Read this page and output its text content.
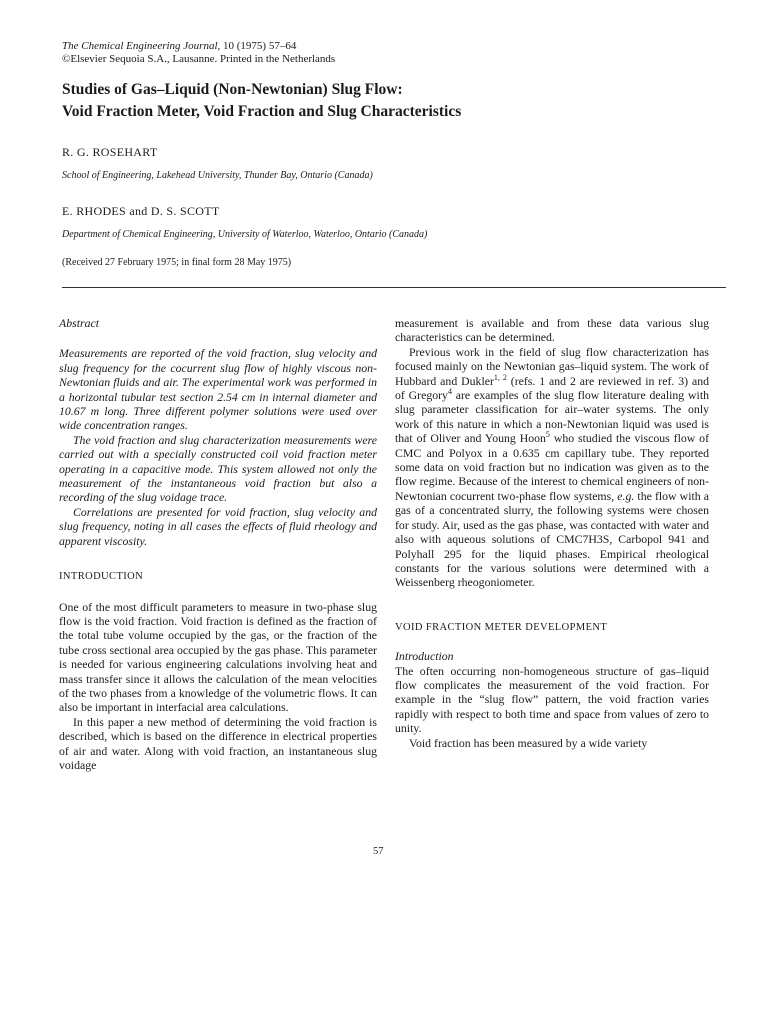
The Chemical Engineering Journal, 10 (1975) 57–64
©Elsevier Sequoia S.A., Lausanne. Printed in the Netherlands
Studies of Gas–Liquid (Non-Newtonian) Slug Flow:
Void Fraction Meter, Void Fraction and Slug Characteristics
R. G. ROSEHART
School of Engineering, Lakehead University, Thunder Bay, Ontario (Canada)
E. RHODES and D. S. SCOTT
Department of Chemical Engineering, University of Waterloo, Waterloo, Ontario (Canada)
(Received 27 February 1975; in final form 28 May 1975)

Abstract

Measurements are reported of the void fraction, slug velocity and slug frequency for the cocurrent slug flow of highly viscous non-Newtonian fluids and air. The experimental work was performed in a horizontal tubular test section 2.54 cm in internal diameter and 10.67 m long. Three different polymer solutions were used over wide concentration ranges.

The void fraction and slug characterization measurements were carried out with a specially constructed coil void fraction meter operating in a capacitive mode. This system allowed not only the measurement of the instantaneous void fraction but also a recording of the slug voidage trace.

Correlations are presented for void fraction, slug velocity and slug frequency, noting in all cases the effects of fluid rheology and apparent viscosity.

INTRODUCTION

One of the most difficult parameters to measure in two-phase slug flow is the void fraction. Void fraction is defined as the fraction of the total tube volume occupied by the gas, or the fraction of the tube cross sectional area occupied by the gas phase. This parameter is needed for various engineering calculations involving heat and mass transfer since it allows the calculation of the mean velocities of the two phases from a knowledge of the volumetric flows. It can also be important in interfacial area calculations.

In this paper a new method of determining the void fraction is described, which is based on the difference in electrical properties of air and water. Along with void fraction, an instantaneous slug voidage

measurement is available and from these data various slug characteristics can be determined.

Previous work in the field of slug flow characterization has focused mainly on the Newtonian gas–liquid system. The work of Hubbard and Dukler$^{1, 2}$ (refs. 1 and 2 are reviewed in ref. 3) and of Gregory$^4$ are examples of the slug flow literature dealing with slug parameter classification for air–water systems. The only work of this nature in which a non-Newtonian liquid was used is that of Oliver and Young Hoon$^5$ who studied the viscous flow of CMC and Polyox in a 0.635 cm capillary tube. They reported some data on void fraction but no indication was given as to the flow regime. Because of the interest to chemical engineers of non-Newtonian cocurrent two-phase flow systems, e.g. the flow with a gas of a concentrated slurry, the following systems were chosen for study. Air, used as the gas phase, was contacted with water and also with aqueous solutions of CMC7H3S, Carbopol 941 and Polyhall 295 for the liquid phases. Empirical rheological constants for the various solutions were determined with a Weissenberg rheogoniometer.

VOID FRACTION METER DEVELOPMENT

Introduction

The often occurring non-homogeneous structure of gas–liquid flow complicates the measurement of the void fraction. For example in the “slug flow” pattern, the void fraction varies rapidly with respect to both time and space from values of zero to unity.

Void fraction has been measured by a wide variety

57
